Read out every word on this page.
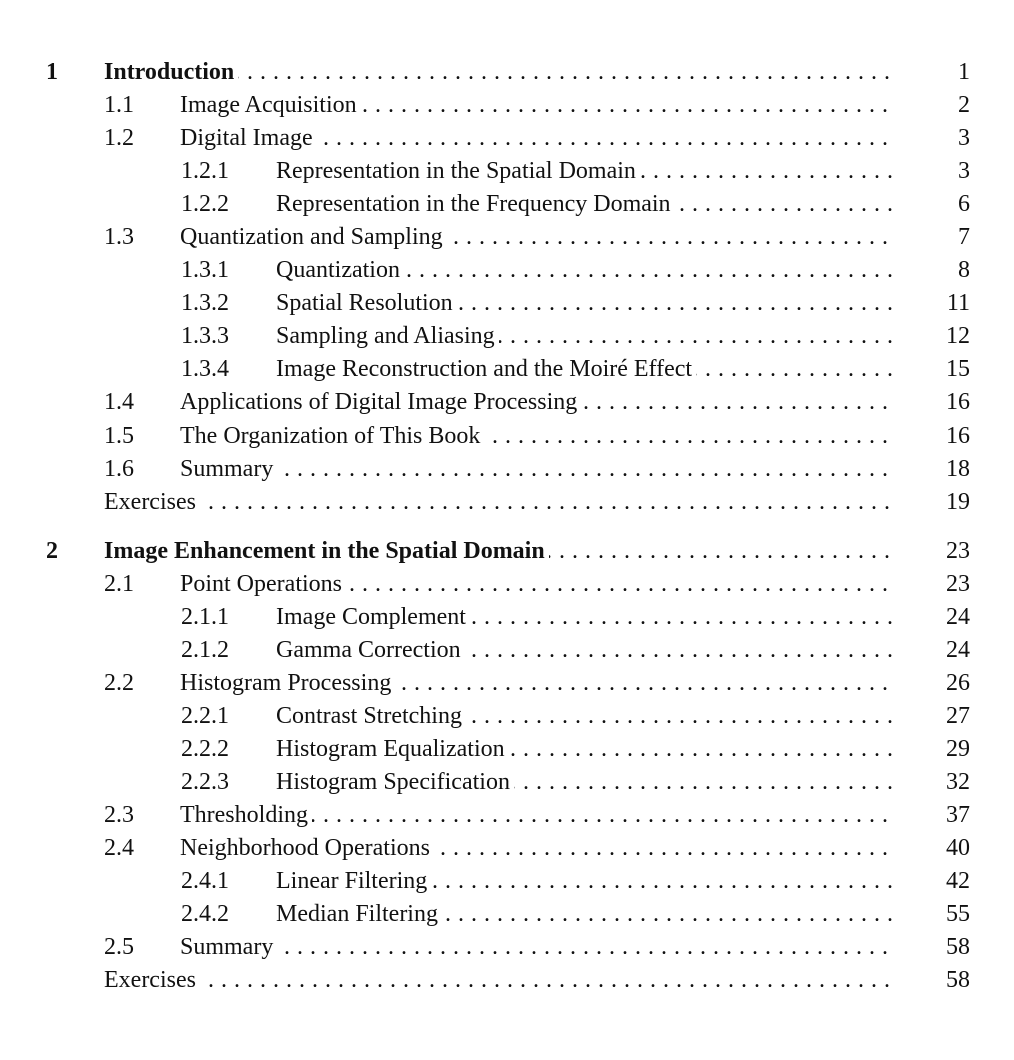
1 Introduction . . .	1
1.1 Image Acquisition . . .	2
1.2 Digital Image . . .	3
1.2.1 Representation in the Spatial Domain . . .	3
1.2.2 Representation in the Frequency Domain . . .	6
1.3 Quantization and Sampling . . .	7
1.3.1 Quantization . . .	8
1.3.2 Spatial Resolution . . .	11
1.3.3 Sampling and Aliasing . . .	12
1.3.4 Image Reconstruction and the Moiré Effect . . .	15
1.4 Applications of Digital Image Processing . . .	16
1.5 The Organization of This Book . . .	16
1.6 Summary . . .	18
Exercises . . .	19
2 Image Enhancement in the Spatial Domain . . .	23
2.1 Point Operations . . .	23
2.1.1 Image Complement . . .	24
2.1.2 Gamma Correction . . .	24
2.2 Histogram Processing . . .	26
2.2.1 Contrast Stretching . . .	27
2.2.2 Histogram Equalization . . .	29
2.2.3 Histogram Specification . . .	32
2.3 Thresholding . . .	37
2.4 Neighborhood Operations . . .	40
2.4.1 Linear Filtering . . .	42
2.4.2 Median Filtering . . .	55
2.5 Summary . . .	58
Exercises . . .	58
